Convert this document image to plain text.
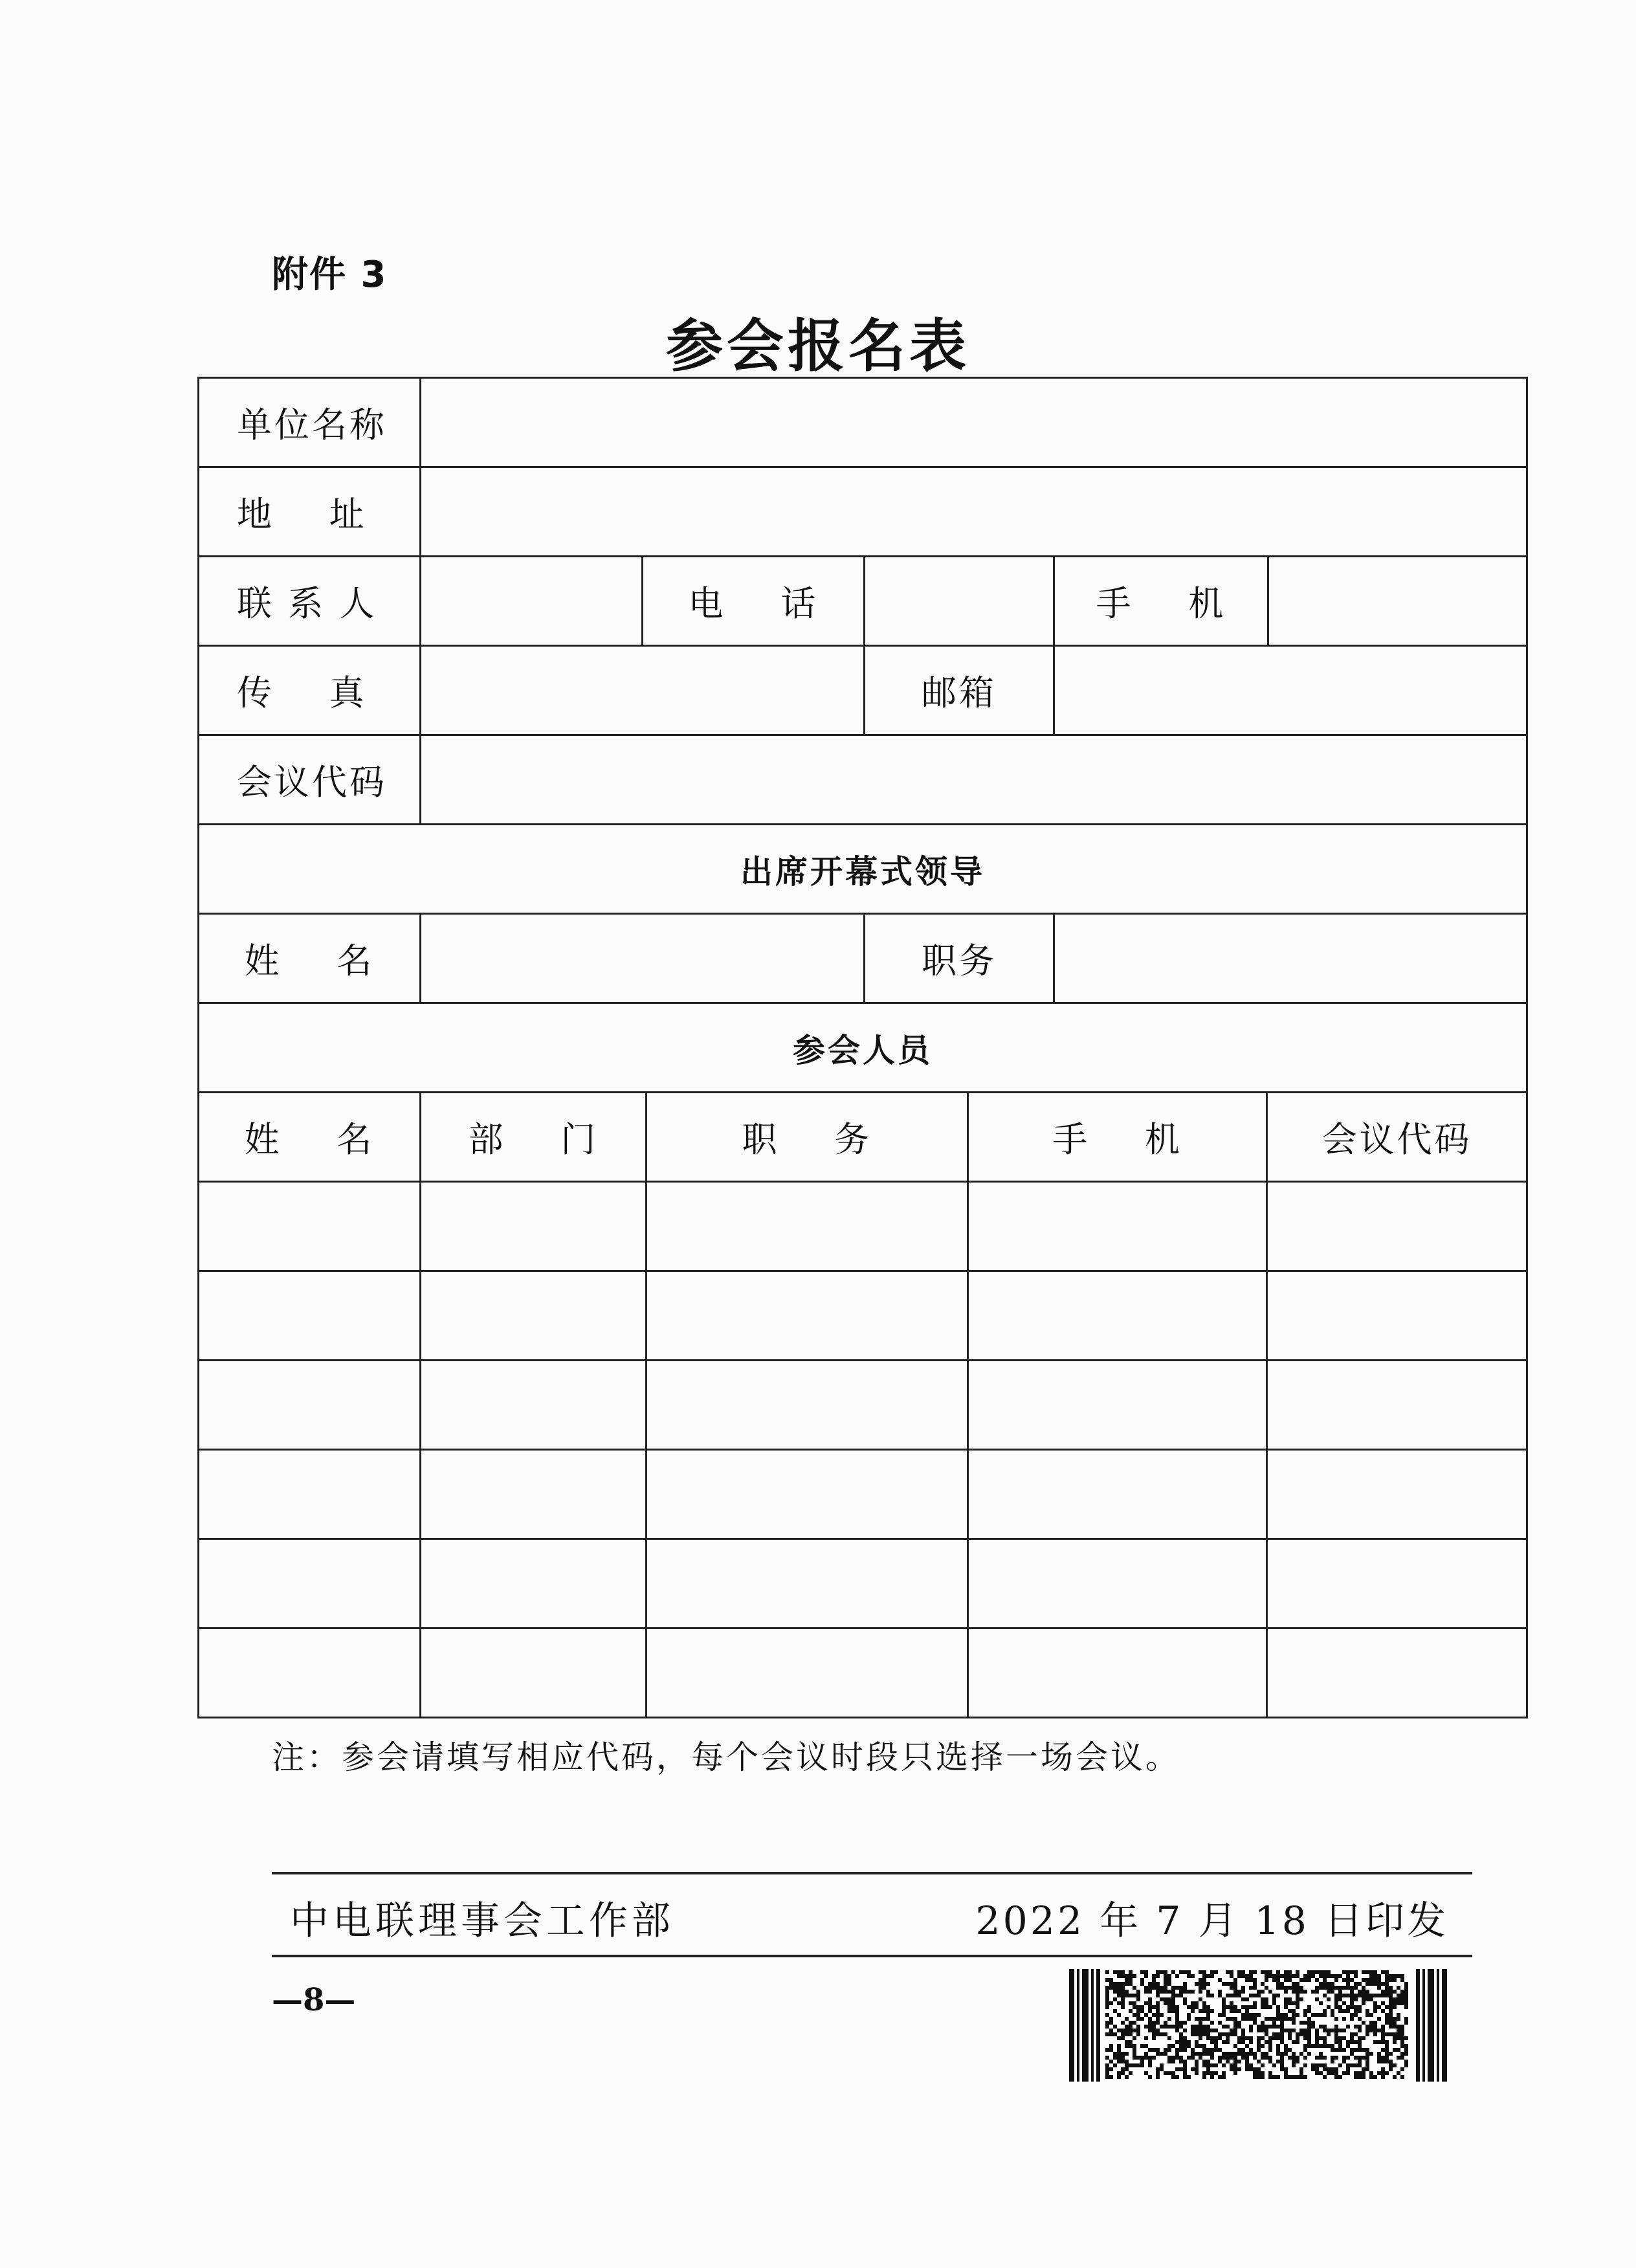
附件 3
参会报名表
单位名称								
地    址								
联 系 人		电    话				手    机		
传    真				邮箱				
会议代码								
出席开幕式领导								
姓    名				职务				
参会人员								
姓    名	部    门		职    务		手    机		会议代码	

注：参会请填写相应代码，每个会议时段只选择一场会议。
中电联理事会工作部	2022 年 7 月 18 日印发
—8—
